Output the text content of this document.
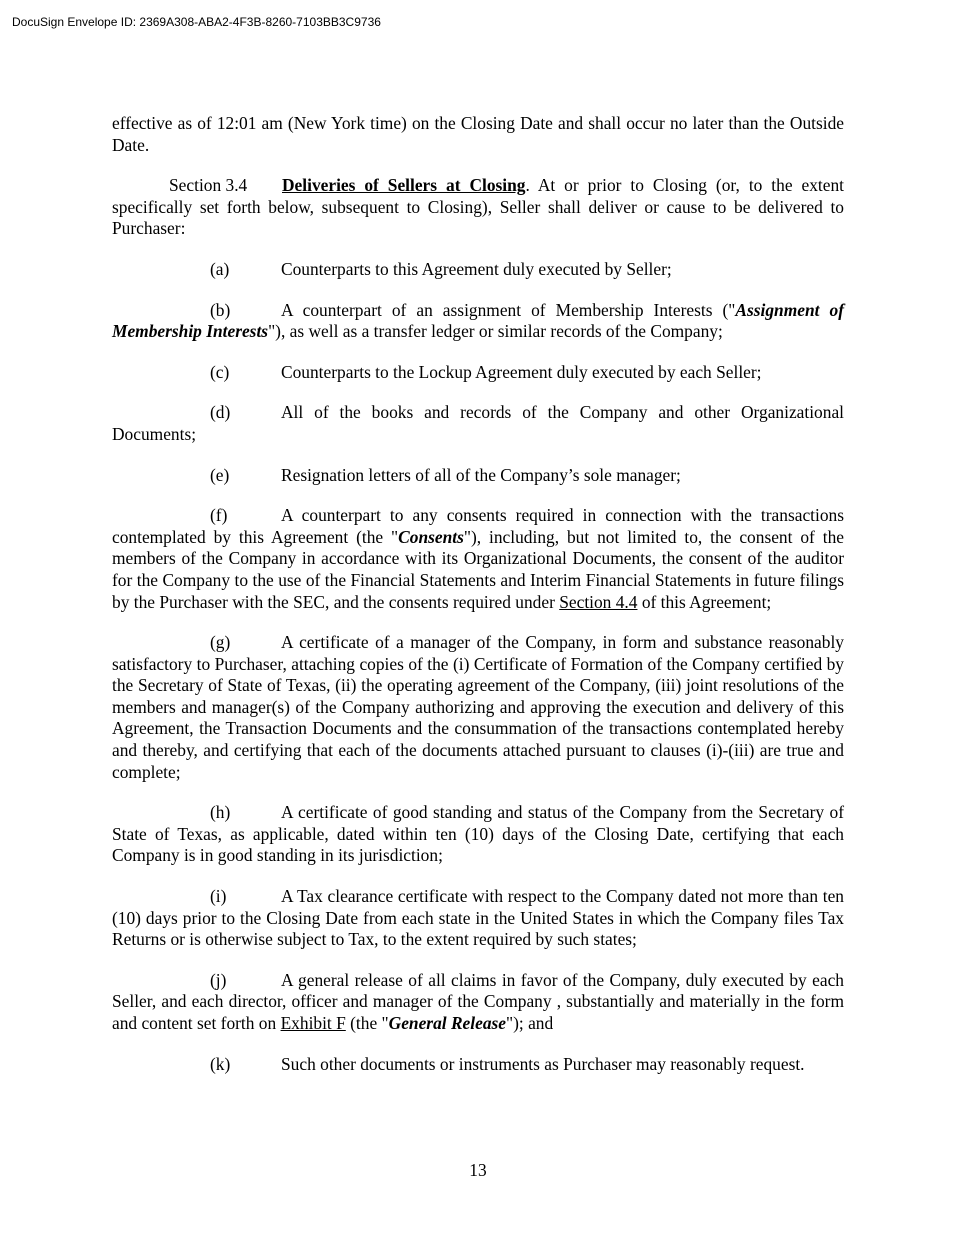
DocuSign Envelope ID: 2369A308-ABA2-4F3B-8260-7103BB3C9736

effective as of 12:01 am (New York time) on the Closing Date and shall occur no later than the Outside Date.

Section 3.4 Deliveries of Sellers at Closing. At or prior to Closing (or, to the extent specifically set forth below, subsequent to Closing), Seller shall deliver or cause to be delivered to Purchaser:

(a)	Counterparts to this Agreement duly executed by Seller;

(b)	A counterpart of an assignment of Membership Interests ("Assignment of Membership Interests"), as well as a transfer ledger or similar records of the Company;

(c)	Counterparts to the Lockup Agreement duly executed by each Seller;

(d)	All of the books and records of the Company and other Organizational Documents;

(e)	Resignation letters of all of the Company’s sole manager;

(f)	A counterpart to any consents required in connection with the transactions contemplated by this Agreement (the "Consents"), including, but not limited to, the consent of the members of the Company in accordance with its Organizational Documents, the consent of the auditor for the Company to the use of the Financial Statements and Interim Financial Statements in future filings by the Purchaser with the SEC, and the consents required under Section 4.4 of this Agreement;

(g)	A certificate of a manager of the Company, in form and substance reasonably satisfactory to Purchaser, attaching copies of the (i) Certificate of Formation of the Company certified by the Secretary of State of Texas, (ii) the operating agreement of the Company, (iii) joint resolutions of the members and manager(s) of the Company authorizing and approving the execution and delivery of this Agreement, the Transaction Documents and the consummation of the transactions contemplated hereby and thereby, and certifying that each of the documents attached pursuant to clauses (i)-(iii) are true and complete;

(h)	A certificate of good standing and status of the Company from the Secretary of State of Texas, as applicable, dated within ten (10) days of the Closing Date, certifying that each Company is in good standing in its jurisdiction;

(i)	A Tax clearance certificate with respect to the Company dated not more than ten (10) days prior to the Closing Date from each state in the United States in which the Company files Tax Returns or is otherwise subject to Tax, to the extent required by such states;

(j)	A general release of all claims in favor of the Company, duly executed by each Seller, and each director, officer and manager of the Company , substantially and materially in the form and content set forth on Exhibit F (the "General Release"); and

(k)	Such other documents or instruments as Purchaser may reasonably request.

13
